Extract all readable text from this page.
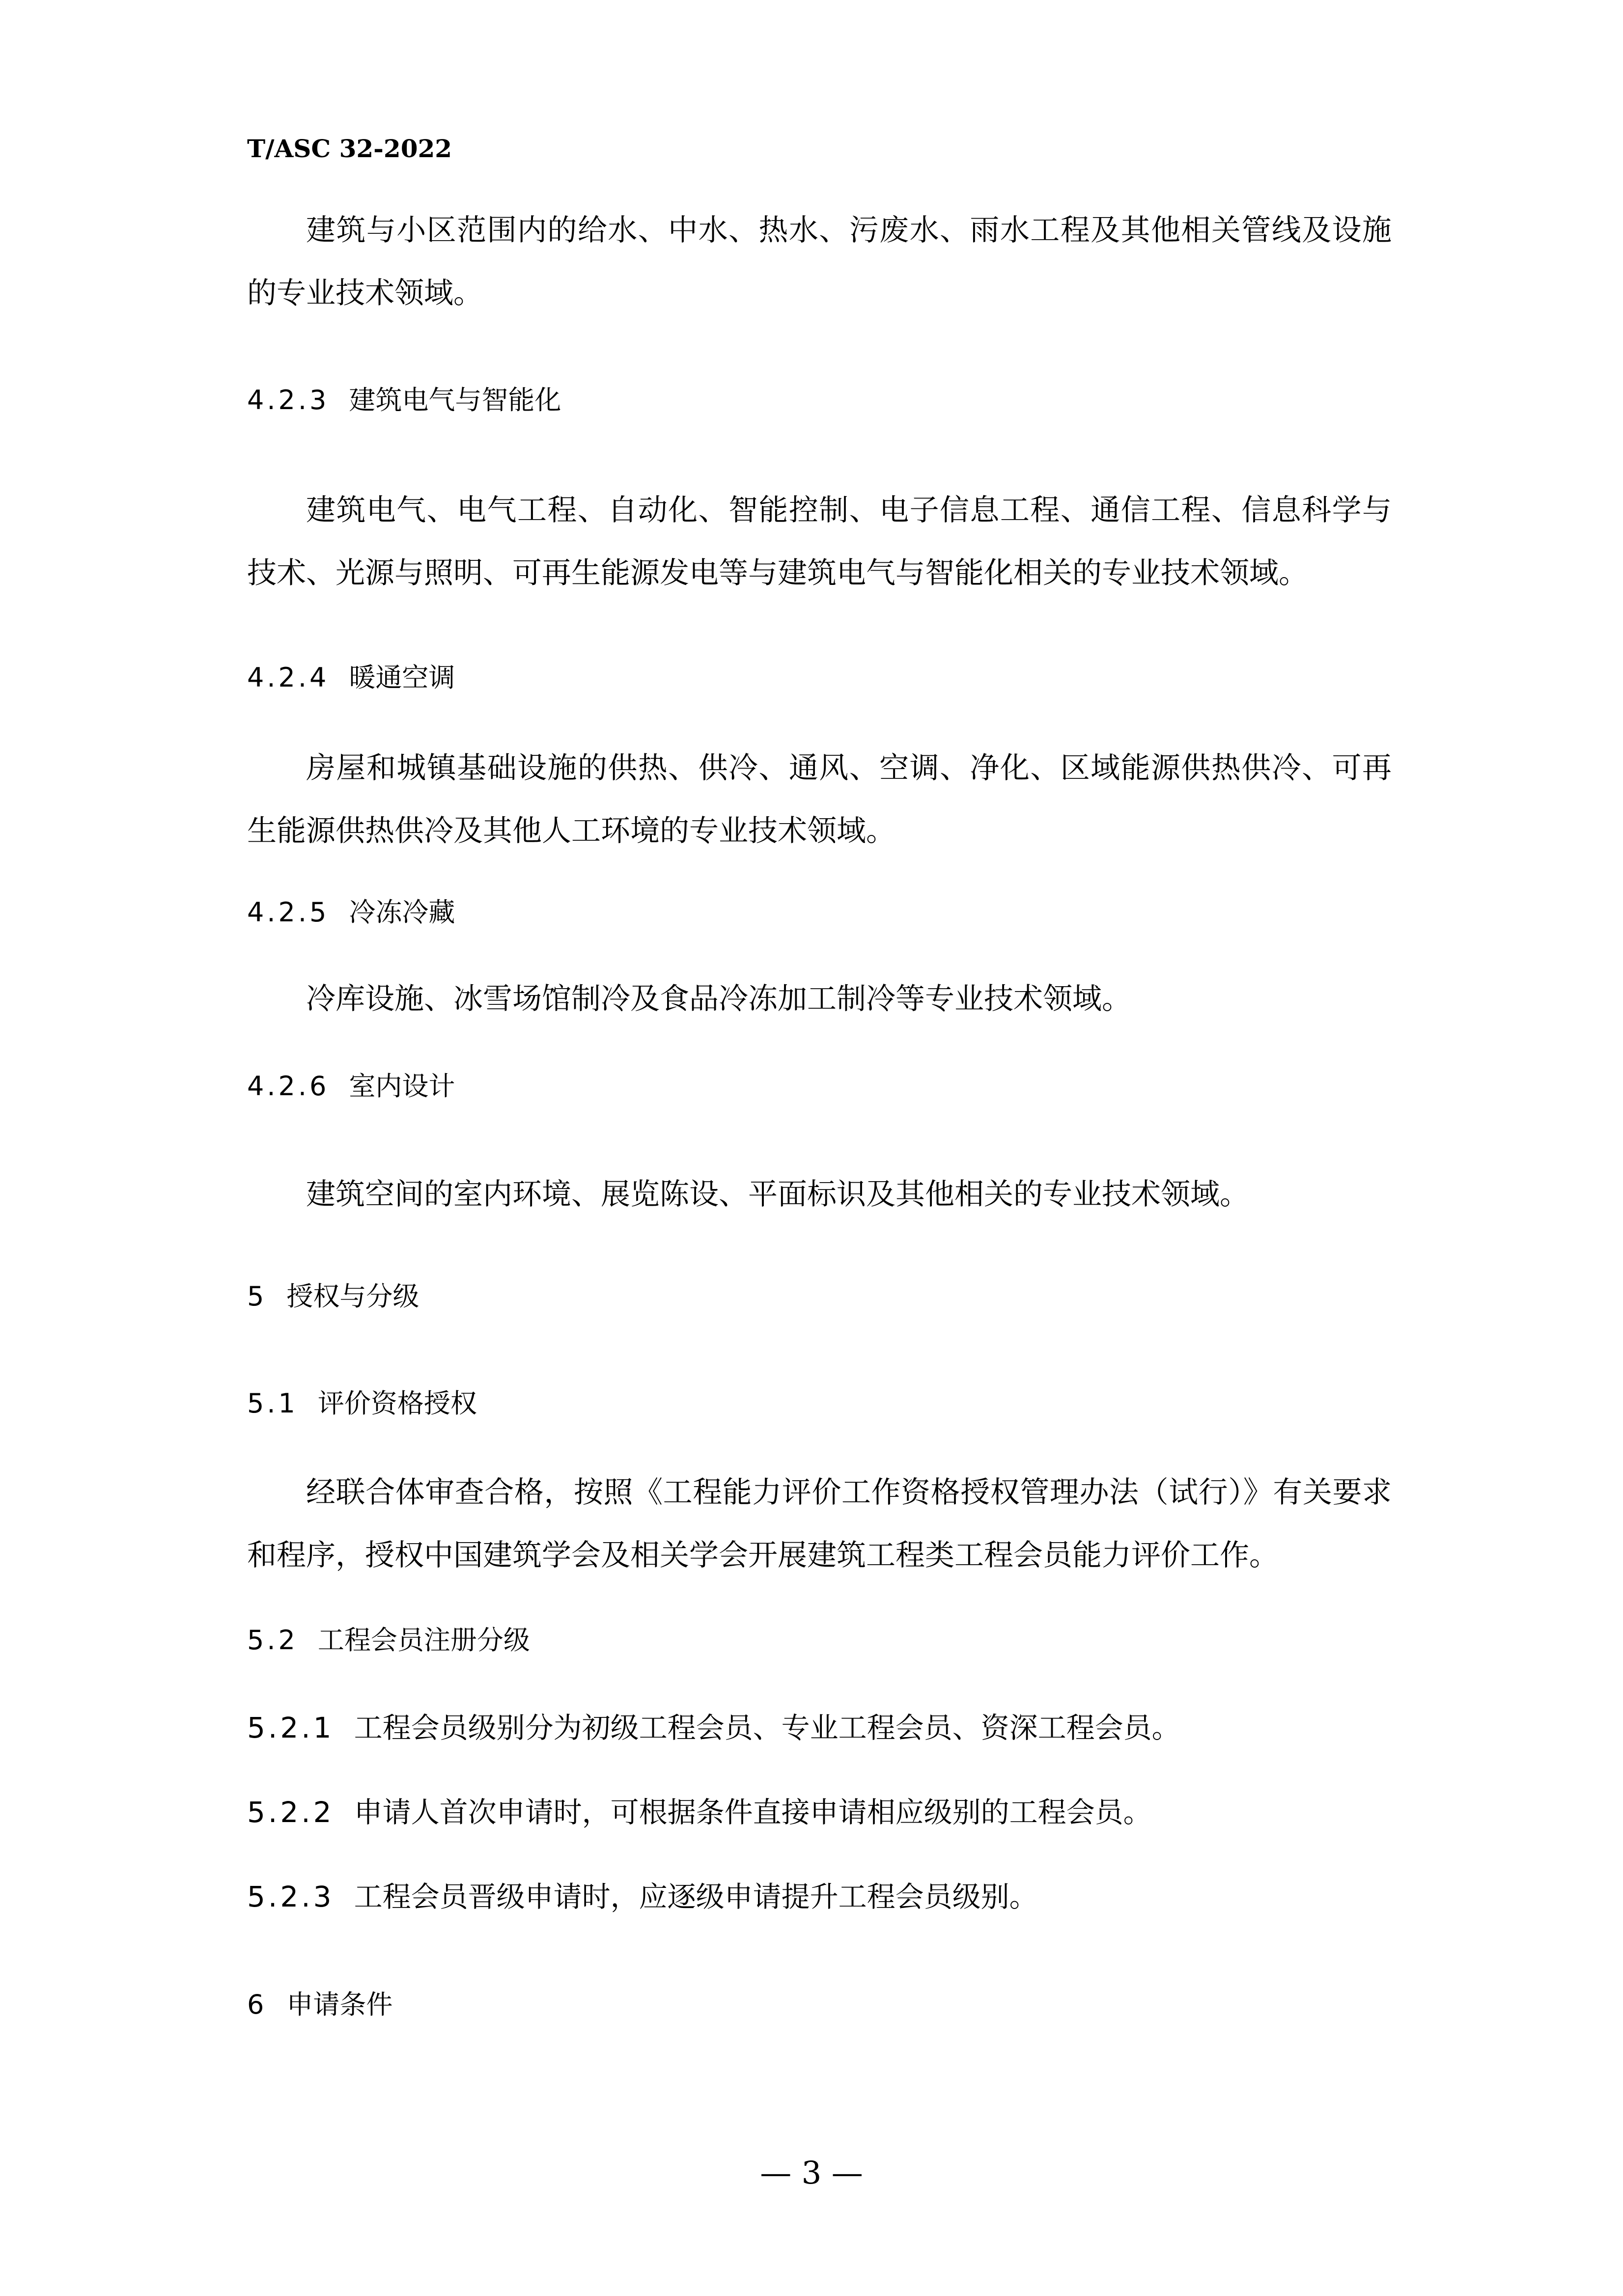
T/ASC 32-2022

建筑与小区范围内的给水、中水、热水、污废水、雨水工程及其他相关管线及设施的专业技术领域。

4.2.3 建筑电气与智能化

建筑电气、电气工程、自动化、智能控制、电子信息工程、通信工程、信息科学与技术、光源与照明、可再生能源发电等与建筑电气与智能化相关的专业技术领域。

4.2.4 暖通空调

房屋和城镇基础设施的供热、供冷、通风、空调、净化、区域能源供热供冷、可再生能源供热供冷及其他人工环境的专业技术领域。

4.2.5 冷冻冷藏

冷库设施、冰雪场馆制冷及食品冷冻加工制冷等专业技术领域。

4.2.6 室内设计

建筑空间的室内环境、展览陈设、平面标识及其他相关的专业技术领域。

5 授权与分级
5.1 评价资格授权

经联合体审查合格，按照《工程能力评价工作资格授权管理办法（试行）》有关要求和程序，授权中国建筑学会及相关学会开展建筑工程类工程会员能力评价工作。

5.2 工程会员注册分级
5.2.1 工程会员级别分为初级工程会员、专业工程会员、资深工程会员。
5.2.2 申请人首次申请时，可根据条件直接申请相应级别的工程会员。
5.2.3 工程会员晋级申请时，应逐级申请提升工程会员级别。
6 申请条件
— 3 —
